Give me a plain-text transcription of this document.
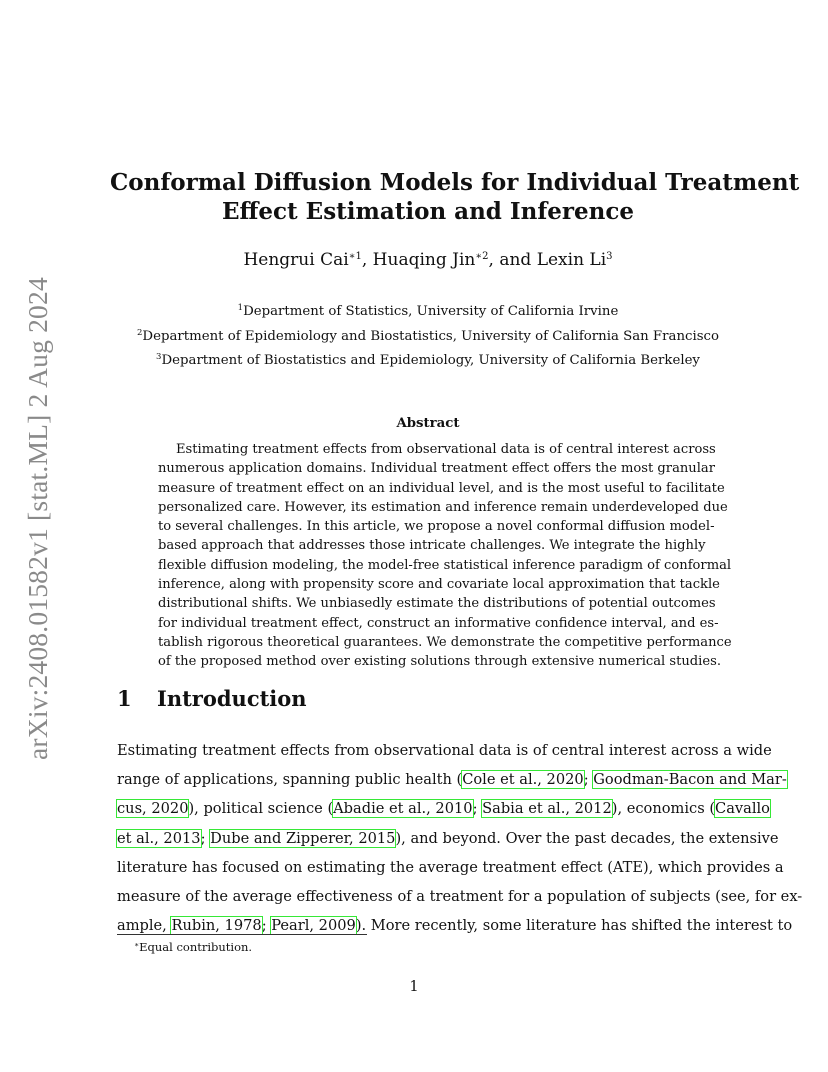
arXiv:2408.01582v1 [stat.ML] 2 Aug 2024
Conformal Diffusion Models for Individual Treatment
Effect Estimation and Inference
Hengrui Cai$^{∗1}$, Huaqing Jin$^{∗2}$, and Lexin Li$^3$
$^1$Department of Statistics, University of California Irvine
$^2$Department of Epidemiology and Biostatistics, University of California San Francisco
$^3$Department of Biostatistics and Epidemiology, University of California Berkeley
Abstract
Estimating treatment effects from observational data is of central interest across
numerous application domains. Individual treatment effect offers the most granular
measure of treatment effect on an individual level, and is the most useful to facilitate
personalized care. However, its estimation and inference remain underdeveloped due
to several challenges. In this article, we propose a novel conformal diffusion model-
based approach that addresses those intricate challenges. We integrate the highly
flexible diffusion modeling, the model-free statistical inference paradigm of conformal
inference, along with propensity score and covariate local approximation that tackle
distributional shifts. We unbiasedly estimate the distributions of potential outcomes
for individual treatment effect, construct an informative confidence interval, and es-
tablish rigorous theoretical guarantees. We demonstrate the competitive performance
of the proposed method over existing solutions through extensive numerical studies.
1 Introduction
Estimating treatment effects from observational data is of central interest across a wide
range of applications, spanning public health (Cole et al., 2020; Goodman-Bacon and Mar-
cus, 2020), political science (Abadie et al., 2010; Sabia et al., 2012), economics (Cavallo
et al., 2013; Dube and Zipperer, 2015), and beyond. Over the past decades, the extensive
literature has focused on estimating the average treatment effect (ATE), which provides a
measure of the average effectiveness of a treatment for a population of subjects (see, for ex-
ample, Rubin, 1978; Pearl, 2009). More recently, some literature has shifted the interest to
∗Equal contribution.
1
